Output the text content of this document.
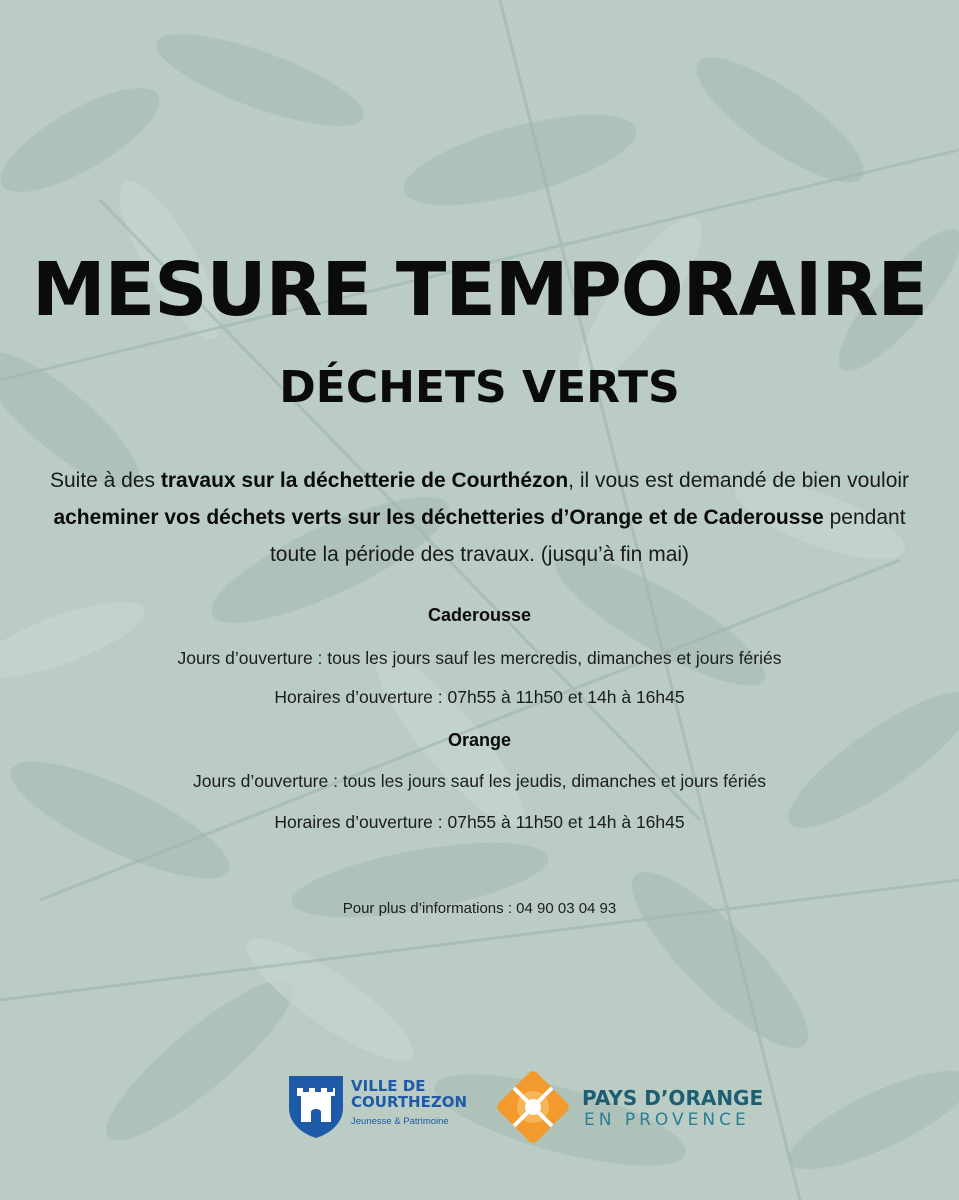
MESURE TEMPORAIRE
DÉCHETS VERTS
Suite à des travaux sur la déchetterie de Courthézon, il vous est demandé de bien vouloir acheminer vos déchets verts sur les déchetteries d’Orange et de Caderousse pendant toute la période des travaux. (jusqu’à fin mai)
Caderousse
Jours d’ouverture : tous les jours sauf les mercredis, dimanches et jours fériés
Horaires d’ouverture : 07h55 à 11h50 et 14h à 16h45
Orange
Jours d’ouverture : tous les jours sauf les jeudis, dimanches et jours fériés
Horaires d’ouverture : 07h55 à 11h50 et 14h à 16h45
Pour plus d’informations : 04 90 03 04 93
VILLE DE
COURTHEZON
Jeunesse & Patrimoine
PAYS D’ORANGE
EN PROVENCE
